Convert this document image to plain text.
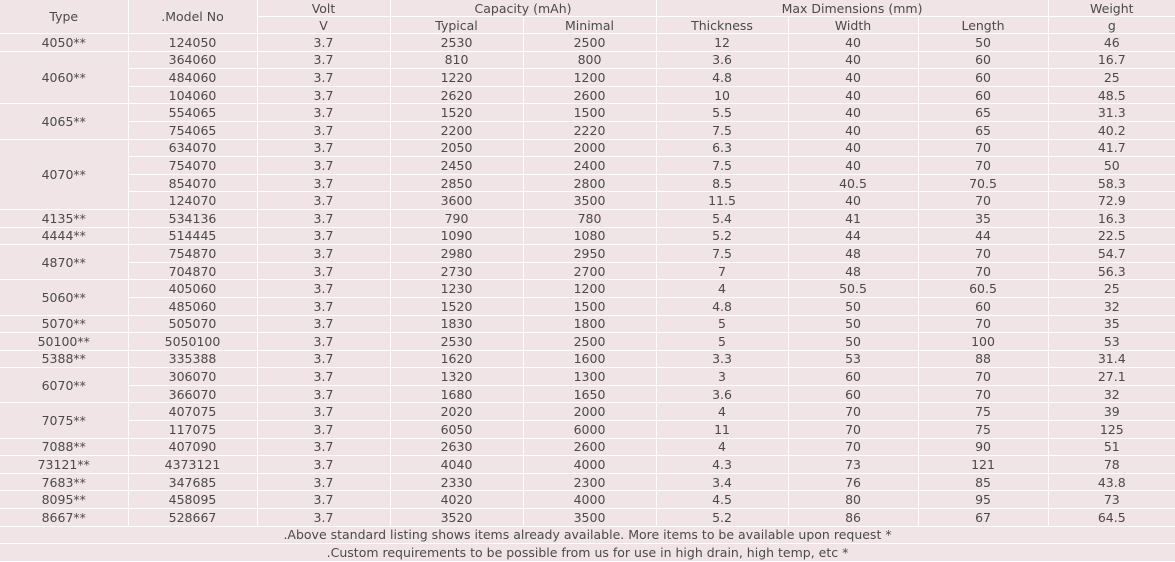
Type	.Model No	Volt	Capacity (mAh)		Max Dimensions (mm)			Weight
		V	Typical	Minimal	Thickness	Width	Length	g
4050**	124050	3.7	2530	2500	12	40	50	46
4060**	364060	3.7	810	800	3.6	40	60	16.7
	484060	3.7	1220	1200	4.8	40	60	25
	104060	3.7	2620	2600	10	40	60	48.5
4065**	554065	3.7	1520	1500	5.5	40	65	31.3
	754065	3.7	2200	2220	7.5	40	65	40.2
4070**	634070	3.7	2050	2000	6.3	40	70	41.7
	754070	3.7	2450	2400	7.5	40	70	50
	854070	3.7	2850	2800	8.5	40.5	70.5	58.3
	124070	3.7	3600	3500	11.5	40	70	72.9
4135**	534136	3.7	790	780	5.4	41	35	16.3
4444**	514445	3.7	1090	1080	5.2	44	44	22.5
4870**	754870	3.7	2980	2950	7.5	48	70	54.7
	704870	3.7	2730	2700	7	48	70	56.3
5060**	405060	3.7	1230	1200	4	50.5	60.5	25
	485060	3.7	1520	1500	4.8	50	60	32
5070**	505070	3.7	1830	1800	5	50	70	35
50100**	5050100	3.7	2530	2500	5	50	100	53
5388**	335388	3.7	1620	1600	3.3	53	88	31.4
6070**	306070	3.7	1320	1300	3	60	70	27.1
	366070	3.7	1680	1650	3.6	60	70	32
7075**	407075	3.7	2020	2000	4	70	75	39
	117075	3.7	6050	6000	11	70	75	125
7088**	407090	3.7	2630	2600	4	70	90	51
73121**	4373121	3.7	4040	4000	4.3	73	121	78
7683**	347685	3.7	2330	2300	3.4	76	85	43.8
8095**	458095	3.7	4020	4000	4.5	80	95	73
8667**	528667	3.7	3520	3500	5.2	86	67	64.5
.Above standard listing shows items already available. More items to be available upon request *								
.Custom requirements to be possible from us for use in high drain, high temp, etc *								
